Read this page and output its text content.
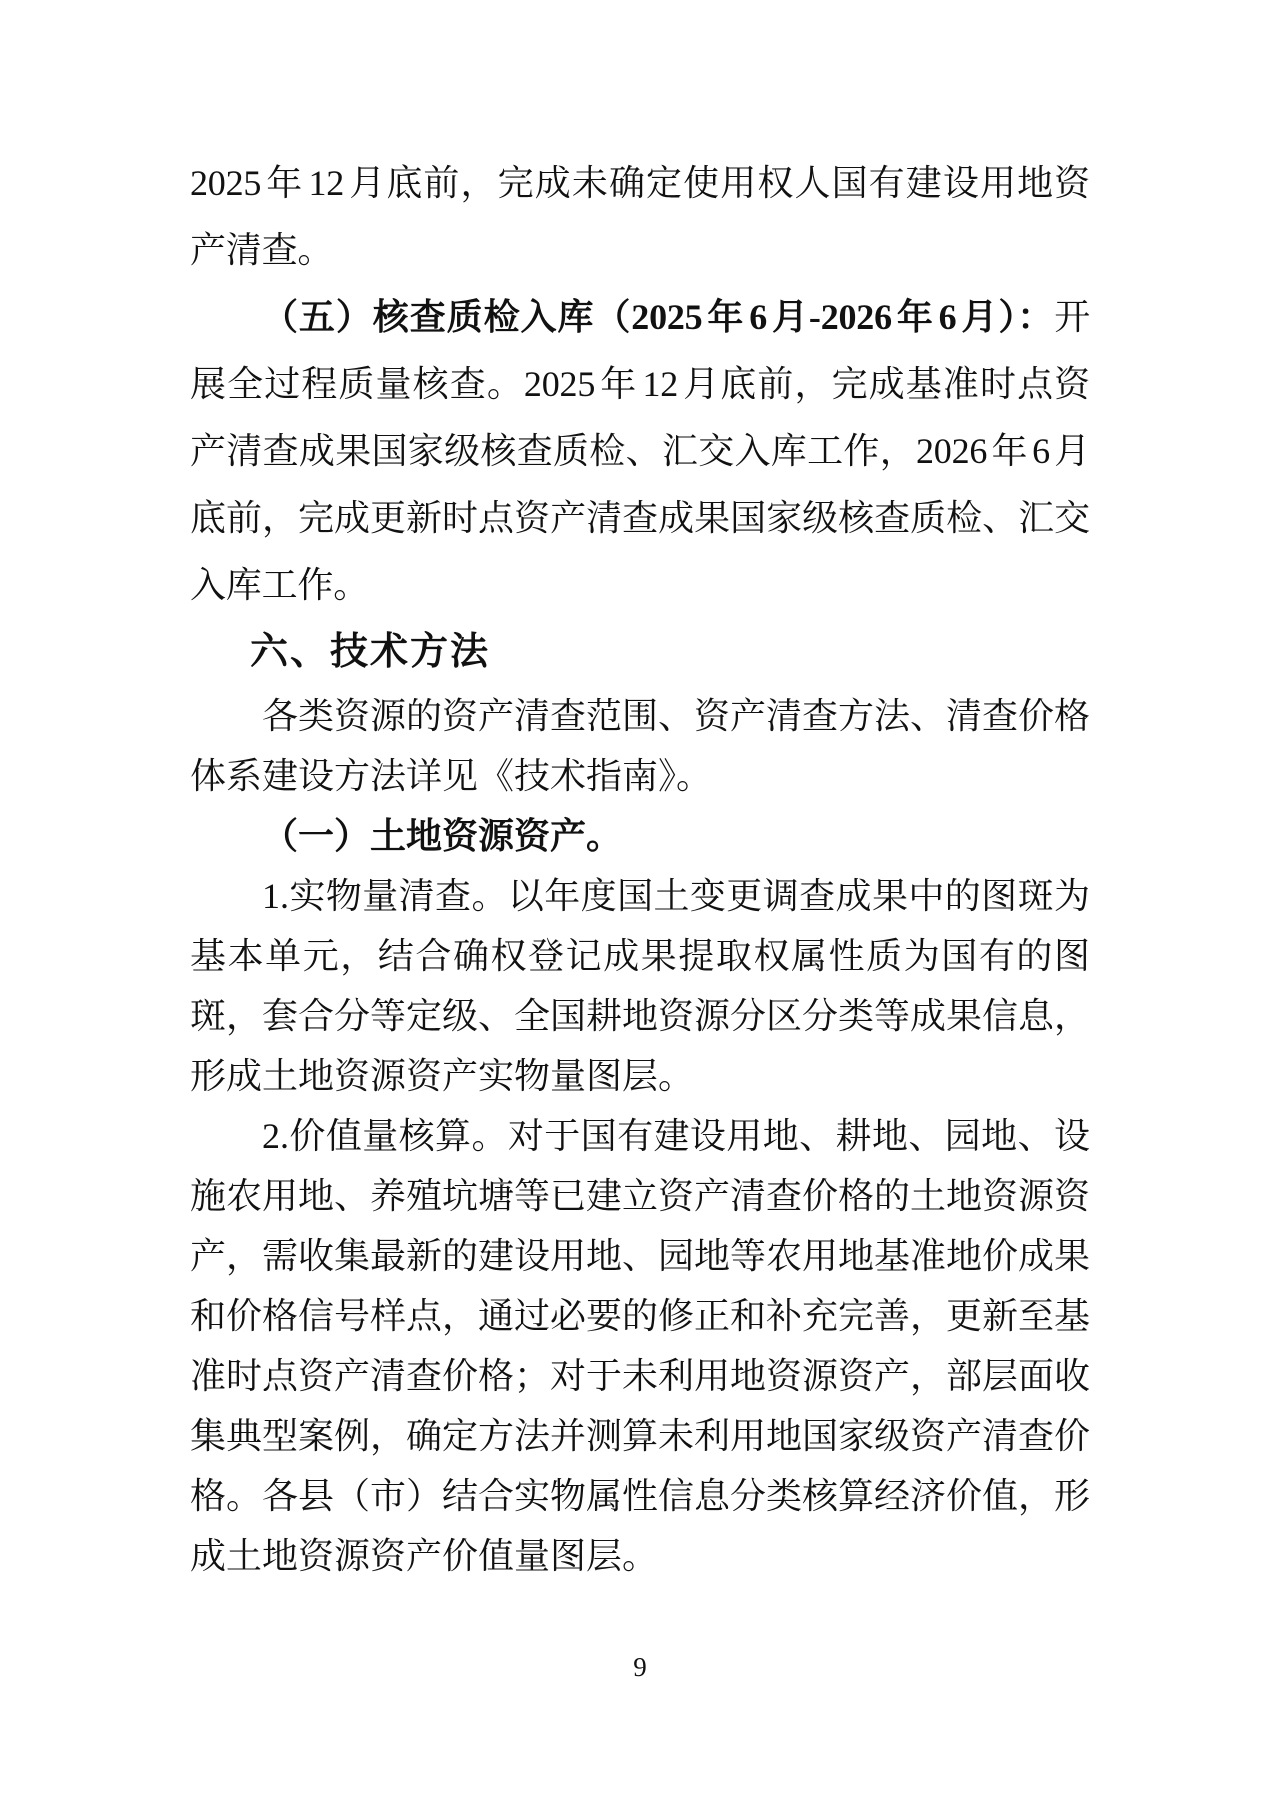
2025 年 12 月底前，完成未确定使用权人国有建设用地资产清查。

（五）核查质检入库（2025 年 6 月-2026 年 6 月）：开展全过程质量核查。2025 年 12 月底前，完成基准时点资产清查成果国家级核查质检、汇交入库工作，2026 年 6 月底前，完成更新时点资产清查成果国家级核查质检、汇交入库工作。

六、技术方法

各类资源的资产清查范围、资产清查方法、清查价格体系建设方法详见《技术指南》。

（一）土地资源资产。

1.实物量清查。以年度国土变更调查成果中的图斑为基本单元，结合确权登记成果提取权属性质为国有的图斑，套合分等定级、全国耕地资源分区分类等成果信息，形成土地资源资产实物量图层。

2.价值量核算。对于国有建设用地、耕地、园地、设施农用地、养殖坑塘等已建立资产清查价格的土地资源资产，需收集最新的建设用地、园地等农用地基准地价成果和价格信号样点，通过必要的修正和补充完善，更新至基准时点资产清查价格；对于未利用地资源资产，部层面收集典型案例，确定方法并测算未利用地国家级资产清查价格。各县（市）结合实物属性信息分类核算经济价值，形成土地资源资产价值量图层。

9
